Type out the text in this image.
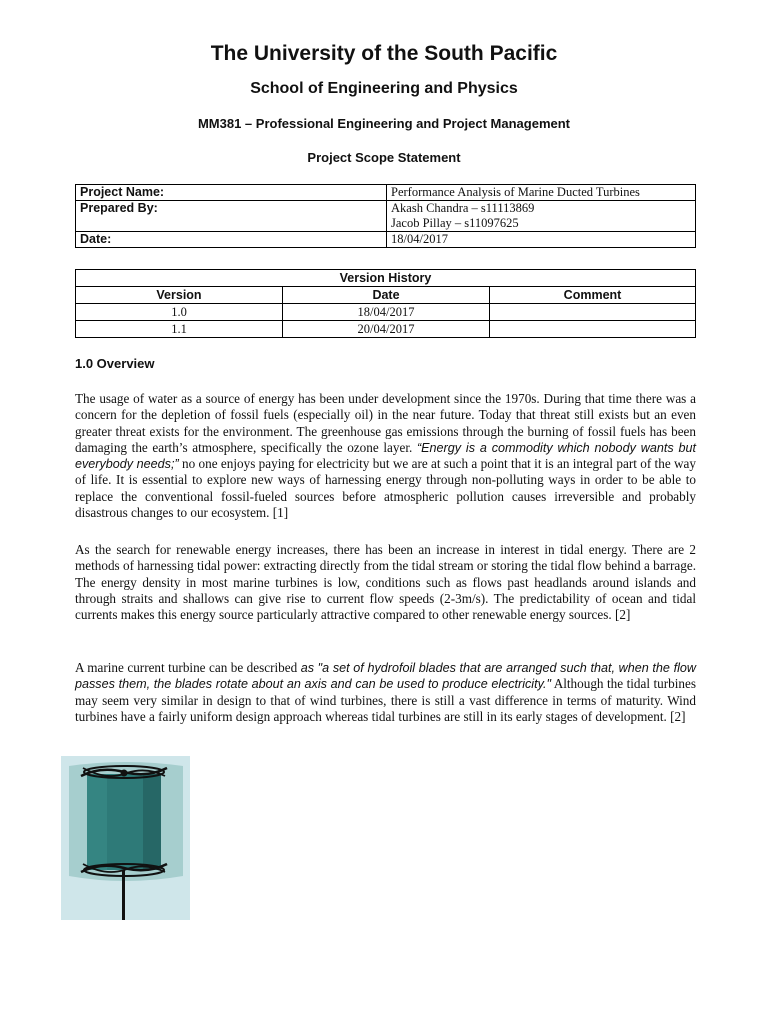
The University of the South Pacific
School of Engineering and Physics
MM381 – Professional Engineering and Project Management
Project Scope Statement
Project Name:	Performance Analysis of Marine Ducted Turbines
Prepared By:	Akash Chandra – s11113869
Jacob Pillay – s11097625

Date:	18/04/2017
Version History		
Version	Date	Comment
1.0	18/04/2017	
1.1	20/04/2017	
1.0 Overview

The usage of water as a source of energy has been under development since the 1970s. During that time there was a concern for the depletion of fossil fuels (especially oil) in the near future. Today that threat still exists but an even greater threat exists for the environment. The greenhouse gas emissions through the burning of fossil fuels has been damaging the earth’s atmosphere, specifically the ozone layer. “Energy is a commodity which nobody wants but everybody needs;” no one enjoys paying for electricity but we are at such a point that it is an integral part of the way of life. It is essential to explore new ways of harnessing energy through non-polluting ways in order to be able to replace the conventional fossil-fueled sources before atmospheric pollution causes irreversible and probably disastrous changes to our ecosystem. [1]

As the search for renewable energy increases, there has been an increase in interest in tidal energy. There are 2 methods of harnessing tidal power: extracting directly from the tidal stream or storing the tidal flow behind a barrage. The energy density in most marine turbines is low, conditions such as flows past headlands around islands and through straits and shallows can give rise to current flow speeds (2-3m/s). The predictability of ocean and tidal currents makes this energy source particularly attractive compared to other renewable energy sources. [2]

A marine current turbine can be described as "a set of hydrofoil blades that are arranged such that, when the flow passes them, the blades rotate about an axis and can be used to produce electricity." Although the tidal turbines may seem very similar in design to that of wind turbines, there is still a vast difference in terms of maturity. Wind turbines have a fairly uniform design approach whereas tidal turbines are still in its early stages of development. [2]
